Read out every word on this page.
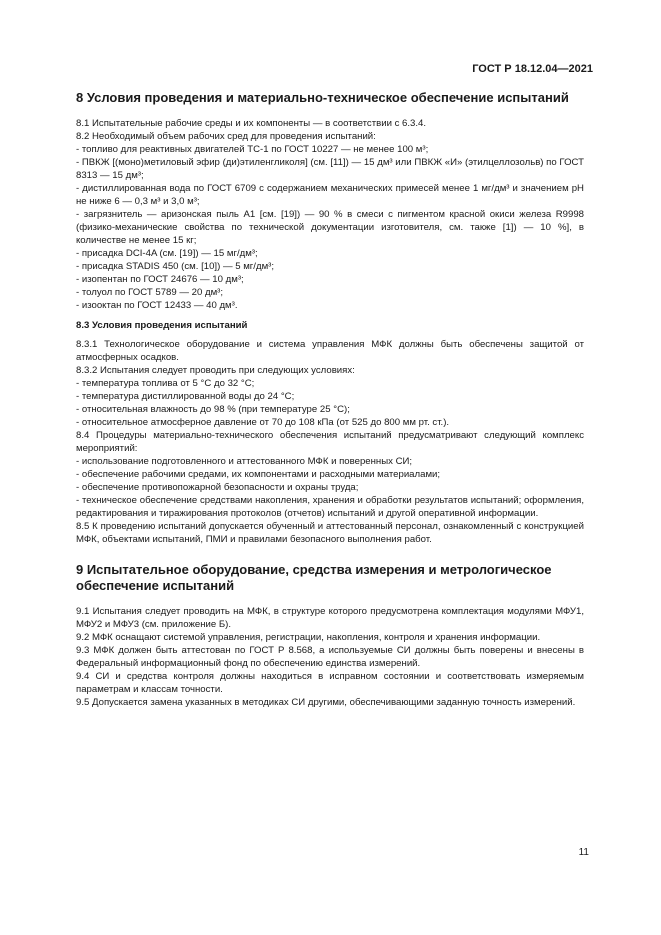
ГОСТ Р 18.12.04—2021
8 Условия проведения и материально-техническое обеспечение испытаний

8.1 Испытательные рабочие среды и их компоненты — в соответствии с 6.3.4.

8.2 Необходимый объем рабочих сред для проведения испытаний:

- топливо для реактивных двигателей ТС-1 по ГОСТ 10227 — не менее 100 м³;

- ПВКЖ [(моно)метиловый эфир (ди)этиленгликоля] (см. [11]) — 15 дм³ или ПВКЖ «И» (этилцеллозольв) по ГОСТ 8313 — 15 дм³;

- дистиллированная вода по ГОСТ 6709 с содержанием механических примесей менее 1 мг/дм³ и значением pH не ниже 6 — 0,3 м³ и 3,0 м³;

- загрязнитель — аризонская пыль А1 [см. [19]) — 90 % в смеси с пигментом красной окиси железа R9998 (физико-механические свойства по технической документации изготовителя, см. также [1]) — 10 %], в количестве не менее 15 кг;

- присадка DCI-4A (см. [19]) — 15 мг/дм³;

- присадка STADIS 450 (см. [10]) — 5 мг/дм³;

- изопентан по ГОСТ 24676 — 10 дм³;

- толуол по ГОСТ 5789 — 20 дм³;

- изооктан по ГОСТ 12433 — 40 дм³.

8.3 Условия проведения испытаний

8.3.1 Технологическое оборудование и система управления МФК должны быть обеспечены защитой от атмосферных осадков.

8.3.2 Испытания следует проводить при следующих условиях:

- температура топлива от 5 °С до 32 °С;

- температура дистиллированной воды до 24 °С;

- относительная влажность до 98 % (при температуре 25 °С);

- относительное атмосферное давление от 70 до 108 кПа (от 525 до 800 мм рт. ст.).

8.4 Процедуры материально-технического обеспечения испытаний предусматривают следующий комплекс мероприятий:

- использование подготовленного и аттестованного МФК и поверенных СИ;

- обеспечение рабочими средами, их компонентами и расходными материалами;

- обеспечение противопожарной безопасности и охраны труда;

- техническое обеспечение средствами накопления, хранения и обработки результатов испытаний; оформления, редактирования и тиражирования протоколов (отчетов) испытаний и другой оперативной информации.

8.5 К проведению испытаний допускается обученный и аттестованный персонал, ознакомленный с конструкцией МФК, объектами испытаний, ПМИ и правилами безопасного выполнения работ.

9 Испытательное оборудование, средства измерения и метрологическое обеспечение испытаний

9.1 Испытания следует проводить на МФК, в структуре которого предусмотрена комплектация модулями МФУ1, МФУ2 и МФУ3 (см. приложение Б).

9.2 МФК оснащают системой управления, регистрации, накопления, контроля и хранения информации.

9.3 МФК должен быть аттестован по ГОСТ Р 8.568, а используемые СИ должны быть поверены и внесены в Федеральный информационный фонд по обеспечению единства измерений.

9.4 СИ и средства контроля должны находиться в исправном состоянии и соответствовать измеряемым параметрам и классам точности.

9.5 Допускается замена указанных в методиках СИ другими, обеспечивающими заданную точность измерений.

11
